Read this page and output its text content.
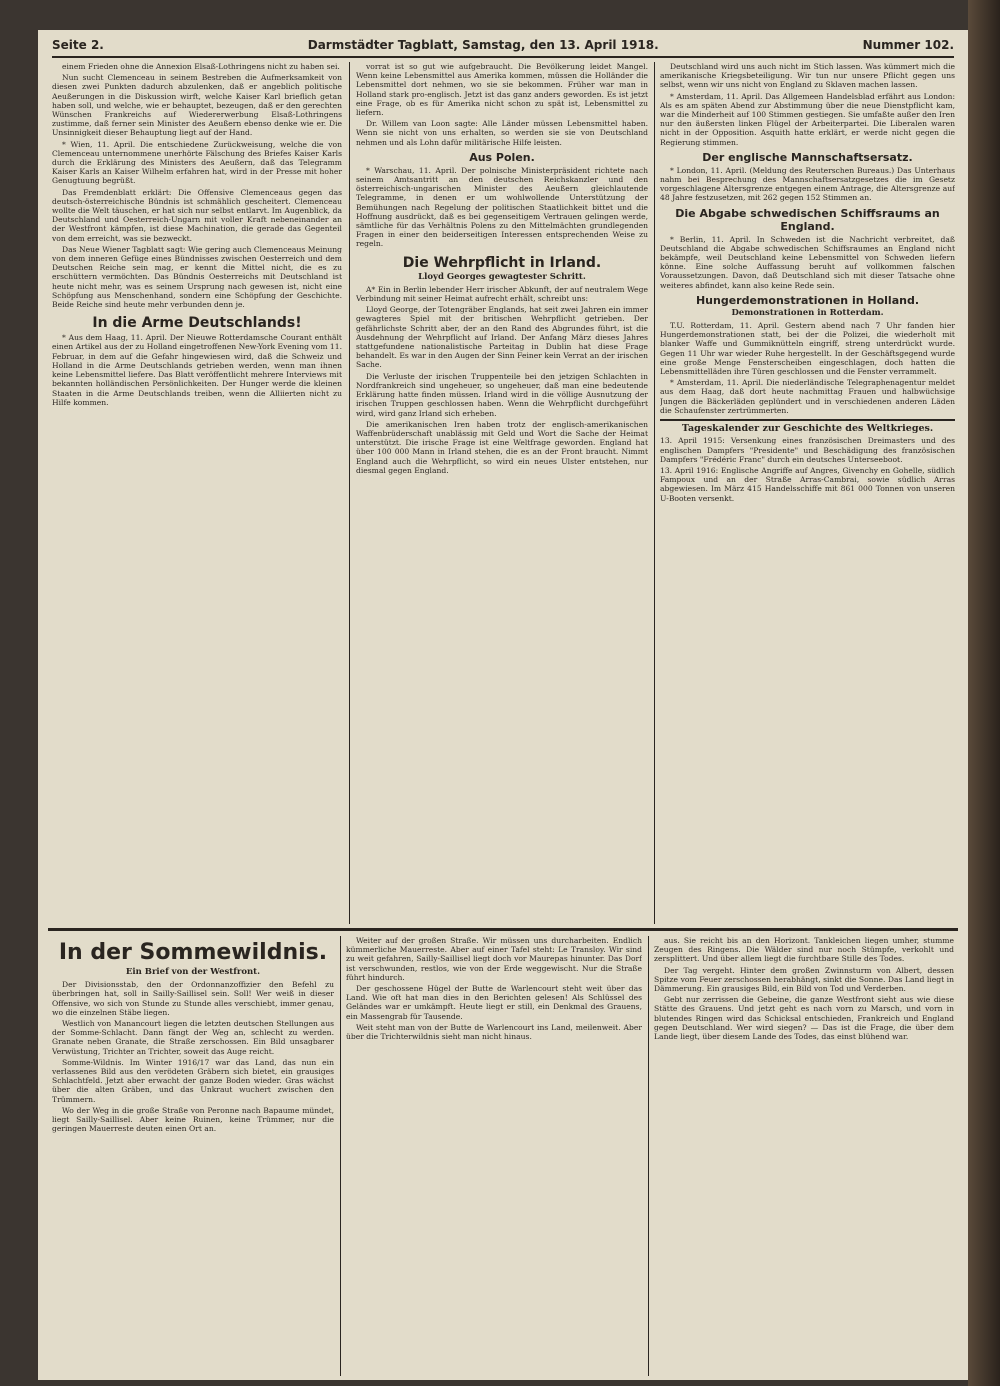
Seite 2.	Darmstädter Tagblatt, Samstag, den 13. April 1918.	Nummer 102.

einem Frieden ohne die Annexion Elsaß-Lothringens nicht zu haben sei.

Nun sucht Clemenceau in seinem Bestreben die Aufmerksamkeit von diesen zwei Punkten dadurch abzulenken, daß er angeblich politische Aeußerungen in die Diskussion wirft, welche Kaiser Karl brieflich getan haben soll, und welche, wie er behauptet, bezeugen, daß er den gerechten Wünschen Frankreichs auf Wiedererwerbung Elsaß-Lothringens zustimme, daß ferner sein Minister des Aeußern ebenso denke wie er. Die Unsinnigkeit dieser Behauptung liegt auf der Hand.

* Wien, 11. April. Die entschiedene Zurückweisung, welche die von Clemenceau unternommene unerhörte Fälschung des Briefes Kaiser Karls durch die Erklärung des Ministers des Aeußern, daß das Telegramm Kaiser Karls an Kaiser Wilhelm erfahren hat, wird in der Presse mit hoher Genugtuung begrüßt.

Das Fremdenblatt erklärt: Die Offensive Clemenceaus gegen das deutsch-österreichische Bündnis ist schmählich gescheitert. Clemenceau wollte die Welt täuschen, er hat sich nur selbst entlarvt. Im Augenblick, da Deutschland und Oesterreich-Ungarn mit voller Kraft nebeneinander an der Westfront kämpfen, ist diese Machination, die gerade das Gegenteil von dem erreicht, was sie bezweckt.

Das Neue Wiener Tagblatt sagt: Wie gering auch Clemenceaus Meinung von dem inneren Gefüge eines Bündnisses zwischen Oesterreich und dem Deutschen Reiche sein mag, er kennt die Mittel nicht, die es zu erschüttern vermöchten. Das Bündnis Oesterreichs mit Deutschland ist heute nicht mehr, was es seinem Ursprung nach gewesen ist, nicht eine Schöpfung aus Menschenhand, sondern eine Schöpfung der Geschichte. Beide Reiche sind heute mehr verbunden denn je.

In die Arme Deutschlands!

* Aus dem Haag, 11. April. Der Nieuwe Rotterdamsche Courant enthält einen Artikel aus der zu Holland eingetroffenen New-York Evening vom 11. Februar, in dem auf die Gefahr hingewiesen wird, daß die Schweiz und Holland in die Arme Deutschlands getrieben werden, wenn man ihnen keine Lebensmittel liefere. Das Blatt veröffentlicht mehrere Interviews mit bekannten holländischen Persönlichkeiten. Der Hunger werde die kleinen Staaten in die Arme Deutschlands treiben, wenn die Alliierten nicht zu Hilfe kommen.

vorrat ist so gut wie aufgebraucht. Die Bevölkerung leidet Mangel. Wenn keine Lebensmittel aus Amerika kommen, müssen die Holländer die Lebensmittel dort nehmen, wo sie sie bekommen. Früher war man in Holland stark pro-englisch. Jetzt ist das ganz anders geworden. Es ist jetzt eine Frage, ob es für Amerika nicht schon zu spät ist, Lebensmittel zu liefern.

Dr. Willem van Loon sagte: Alle Länder müssen Lebensmittel haben. Wenn sie nicht von uns erhalten, so werden sie sie von Deutschland nehmen und als Lohn dafür militärische Hilfe leisten.

Aus Polen.

* Warschau, 11. April. Der polnische Ministerpräsident richtete nach seinem Amtsantritt an den deutschen Reichskanzler und den österreichisch-ungarischen Minister des Aeußern gleichlautende Telegramme, in denen er um wohlwollende Unterstützung der Bemühungen nach Regelung der politischen Staatlichkeit bittet und die Hoffnung ausdrückt, daß es bei gegenseitigem Vertrauen gelingen werde, sämtliche für das Verhältnis Polens zu den Mittelmächten grundlegenden Fragen in einer den beiderseitigen Interessen entsprechenden Weise zu regeln.

Die Wehrpflicht in Irland.
Lloyd Georges gewagtester Schritt.

A* Ein in Berlin lebender Herr irischer Abkunft, der auf neutralem Wege Verbindung mit seiner Heimat aufrecht erhält, schreibt uns:

Lloyd George, der Totengräber Englands, hat seit zwei Jahren ein immer gewagteres Spiel mit der britischen Wehrpflicht getrieben. Der gefährlichste Schritt aber, der an den Rand des Abgrundes führt, ist die Ausdehnung der Wehrpflicht auf Irland. Der Anfang März dieses Jahres stattgefundene nationalistische Parteitag in Dublin hat diese Frage behandelt. Es war in den Augen der Sinn Feiner kein Verrat an der irischen Sache.

Die Verluste der irischen Truppenteile bei den jetzigen Schlachten in Nordfrankreich sind ungeheuer, so ungeheuer, daß man eine bedeutende Erklärung hatte finden müssen. Irland wird in die völlige Ausnutzung der irischen Truppen geschlossen haben. Wenn die Wehrpflicht durchgeführt wird, wird ganz Irland sich erheben.

Die amerikanischen Iren haben trotz der englisch-amerikanischen Waffenbrüderschaft unablässig mit Geld und Wort die Sache der Heimat unterstützt. Die irische Frage ist eine Weltfrage geworden. England hat über 100 000 Mann in Irland stehen, die es an der Front braucht. Nimmt England auch die Wehrpflicht, so wird ein neues Ulster entstehen, nur diesmal gegen England.

Deutschland wird uns auch nicht im Stich lassen. Was kümmert mich die amerikanische Kriegsbeteiligung. Wir tun nur unsere Pflicht gegen uns selbst, wenn wir uns nicht von England zu Sklaven machen lassen.

* Amsterdam, 11. April. Das Allgemeen Handelsblad erfährt aus London: Als es am späten Abend zur Abstimmung über die neue Dienstpflicht kam, war die Minderheit auf 100 Stimmen gestiegen. Sie umfaßte außer den Iren nur den äußersten linken Flügel der Arbeiterpartei. Die Liberalen waren nicht in der Opposition. Asquith hatte erklärt, er werde nicht gegen die Regierung stimmen.

Der englische Mannschaftsersatz.

* London, 11. April. (Meldung des Reuterschen Bureaus.) Das Unterhaus nahm bei Besprechung des Mannschaftsersatzgesetzes die im Gesetz vorgeschlagene Altersgrenze entgegen einem Antrage, die Altersgrenze auf 48 Jahre festzusetzen, mit 262 gegen 152 Stimmen an.

Die Abgabe schwedischen Schiffsraums an England.

* Berlin, 11. April. In Schweden ist die Nachricht verbreitet, daß Deutschland die Abgabe schwedischen Schiffsraumes an England nicht bekämpfe, weil Deutschland keine Lebensmittel von Schweden liefern könne. Eine solche Auffassung beruht auf vollkommen falschen Voraussetzungen. Davon, daß Deutschland sich mit dieser Tatsache ohne weiteres abfindet, kann also keine Rede sein.

Hungerdemonstrationen in Holland.
Demonstrationen in Rotterdam.

T.U. Rotterdam, 11. April. Gestern abend nach 7 Uhr fanden hier Hungerdemonstrationen statt, bei der die Polizei, die wiederholt mit blanker Waffe und Gummiknütteln eingriff, streng unterdrückt wurde. Gegen 11 Uhr war wieder Ruhe hergestellt. In der Geschäftsgegend wurde eine große Menge Fensterscheiben eingeschlagen, doch hatten die Lebensmittelläden ihre Türen geschlossen und die Fenster verrammelt.

* Amsterdam, 11. April. Die niederländische Telegraphenagentur meldet aus dem Haag, daß dort heute nachmittag Frauen und halbwüchsige Jungen die Bäckerläden geplündert und in verschiedenen anderen Läden die Schaufenster zertrümmerten.

Tageskalender zur Geschichte des Weltkrieges.
13. April 1915: Versenkung eines französischen Dreimasters und des englischen Dampfers "Presidente" und Beschädigung des französischen Dampfers "Frédéric Franc" durch ein deutsches Unterseeboot.
13. April 1916: Englische Angriffe auf Angres, Givenchy en Gohelle, südlich Fampoux und an der Straße Arras-Cambrai, sowie südlich Arras abgewiesen. Im März 415 Handelsschiffe mit 861 000 Tonnen von unseren U-Booten versenkt.
In der Sommewildnis.
Ein Brief von der Westfront.

Der Divisionsstab, den der Ordonnanzoffizier den Befehl zu überbringen hat, soll in Sailly-Saillisel sein. Soll! Wer weiß in dieser Offensive, wo sich von Stunde zu Stunde alles verschiebt, immer genau, wo die einzelnen Stäbe liegen.

Westlich von Manancourt liegen die letzten deutschen Stellungen aus der Somme-Schlacht. Dann fängt der Weg an, schlecht zu werden. Granate neben Granate, die Straße zerschossen. Ein Bild unsagbarer Verwüstung, Trichter an Trichter, soweit das Auge reicht.

Somme-Wildnis. Im Winter 1916/17 war das Land, das nun ein verlassenes Bild aus den verödeten Gräbern sich bietet, ein grausiges Schlachtfeld. Jetzt aber erwacht der ganze Boden wieder. Gras wächst über die alten Gräben, und das Unkraut wuchert zwischen den Trümmern.

Wo der Weg in die große Straße von Peronne nach Bapaume mündet, liegt Sailly-Saillisel. Aber keine Ruinen, keine Trümmer, nur die geringen Mauerreste deuten einen Ort an.

Weiter auf der großen Straße. Wir müssen uns durcharbeiten. Endlich kümmerliche Mauerreste. Aber auf einer Tafel steht: Le Transloy. Wir sind zu weit gefahren, Sailly-Saillisel liegt doch vor Maurepas hinunter. Das Dorf ist verschwunden, restlos, wie von der Erde weggewischt. Nur die Straße führt hindurch.

Der geschossene Hügel der Butte de Warlencourt steht weit über das Land. Wie oft hat man dies in den Berichten gelesen! Als Schlüssel des Geländes war er umkämpft. Heute liegt er still, ein Denkmal des Grauens, ein Massengrab für Tausende.

Weit steht man von der Butte de Warlencourt ins Land, meilenweit. Aber über die Trichterwildnis sieht man nicht hinaus.

aus. Sie reicht bis an den Horizont. Tankleichen liegen umher, stumme Zeugen des Ringens. Die Wälder sind nur noch Stümpfe, verkohlt und zersplittert. Und über allem liegt die furchtbare Stille des Todes.

Der Tag vergeht. Hinter dem großen Zwinnsturm von Albert, dessen Spitze vom Feuer zerschossen herabhängt, sinkt die Sonne. Das Land liegt in Dämmerung. Ein grausiges Bild, ein Bild von Tod und Verderben.

Gebt nur zerrissen die Gebeine, die ganze Westfront sieht aus wie diese Stätte des Grauens. Und jetzt geht es nach vorn zu Marsch, und vorn in blutendes Ringen wird das Schicksal entschieden, Frankreich und England gegen Deutschland. Wer wird siegen? — Das ist die Frage, die über dem Lande liegt, über diesem Lande des Todes, das einst blühend war.
